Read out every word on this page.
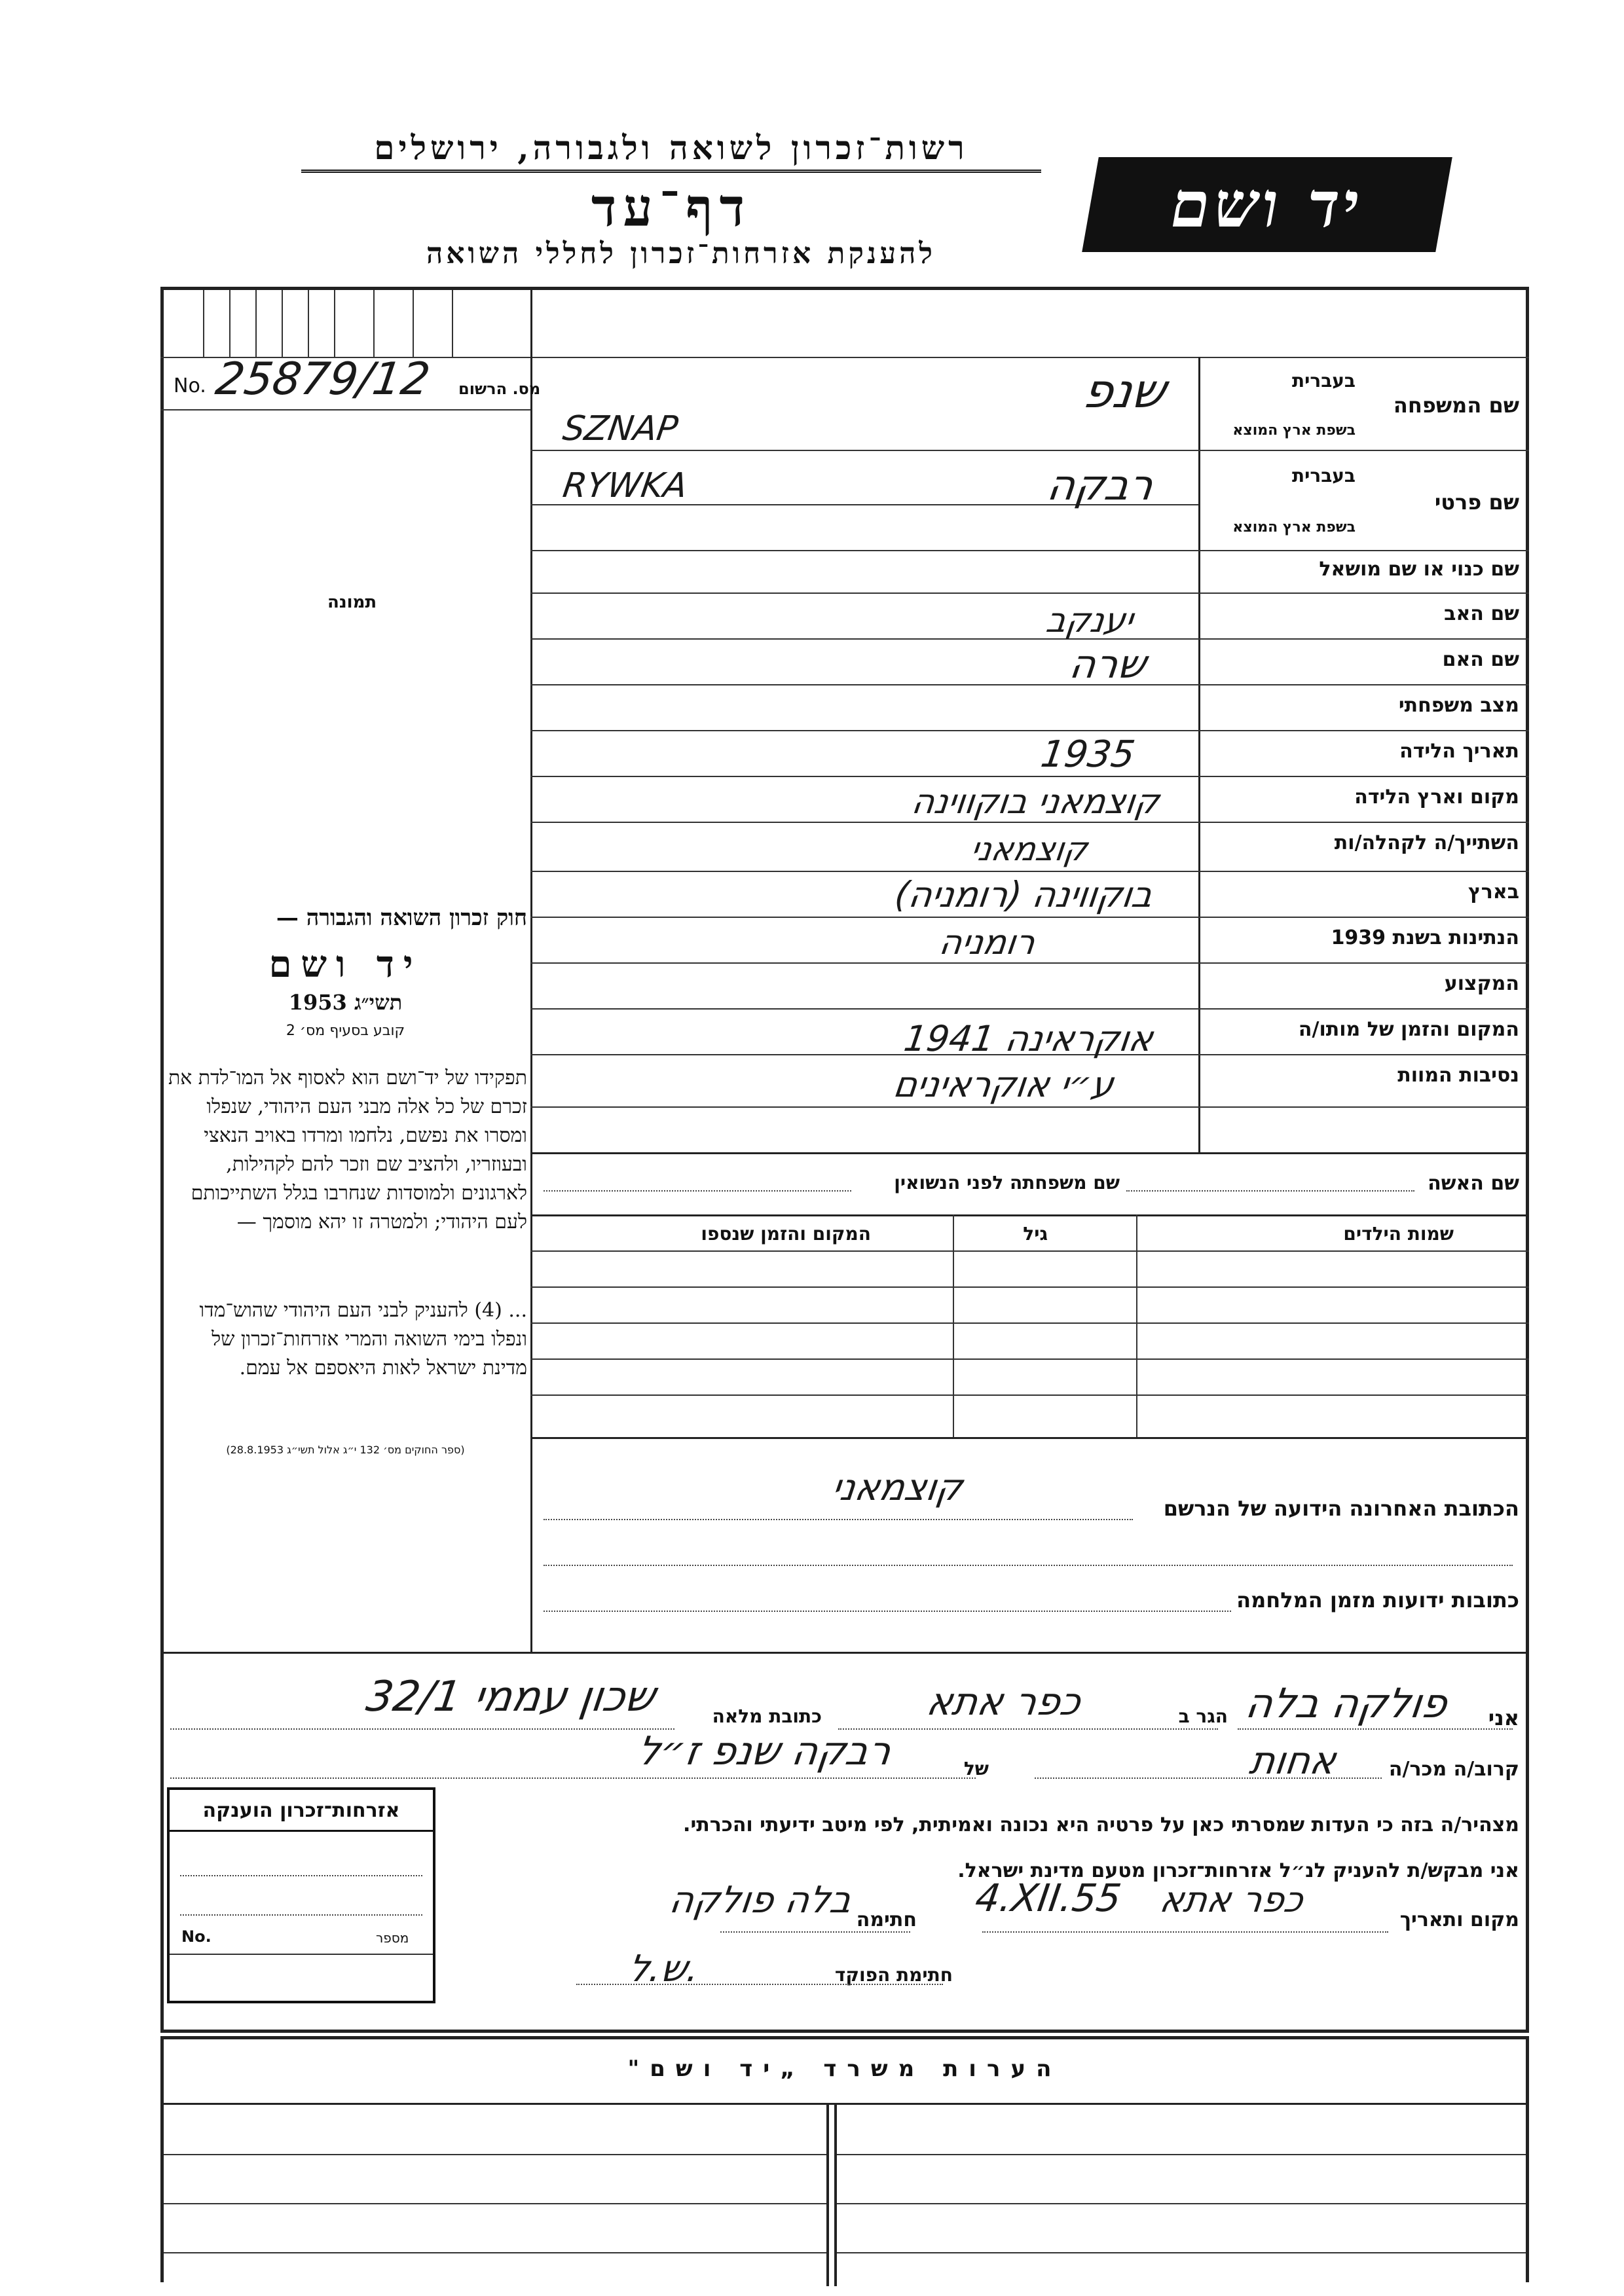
רשות־זכרון לשואה ולגבורה, ירושלים
דף־עד
להענקת אזרחות־זכרון לחללי השואה
יד ושם
No. 25879/12 מס. הרשום
תמונה
חוק זכרון השואה והגבורה —
יד ושם
תשי״ג 1953
קובע בסעיף מס׳ 2
תפקידו של יד־ושם הוא לאסוף אל המו־לדת את זכרם של כל אלה מבני העם היהודי, שנפלו ומסרו את נפשם, נלחמו ומרדו באויב הנאצי ובעוזריו, ולהציב שם וזכר להם לקהילות, לארגונים ולמוסדות שנחרבו בגלל השתייכותם לעם היהודי; ולמטרה זו יהא מוסמך —
... (4) להעניק לבני העם היהודי שהוש־מדו ונפלו בימי השואה והמרי אזרחות־זכרון של מדינת ישראל לאות היאספם אל עמם.
(ספר החוקים מס׳ 132 י״ג אלול תשי״ג 28.8.1953)
בעברית
בשפת ארץ המוצא
שם המשפחה
שנפ
SZNAP
בעברית
בשפת ארץ המוצא
שם פרטי
רבקה
RYWKA
שם כנוי או שם מושאל
שם האב
יענקב
שם האם
שרה
מצב משפחתי
תאריך הלידה
1935
מקום וארץ הלידה
קוצמאני בוקווינה
השתייך/ה לקהלה/ות
קוצמאני
בארץ
בוקווינה (רומניה)
הנתינות בשנת 1939
רומניה
המקצוע
המקום והזמן של מותו/ה
אוקראינה 1941
נסיבות המוות
ע״י אוקראינים
שם האשה
שם משפחתה לפני הנשואין
שמות הילדים
גיל
המקום והזמן שנספו
הכתובת האחרונה הידועה של הנרשם
קוצמאני
כתובות ידועות מזמן המלחמה
אני
פולקה בלה
הגר ב
כפר אתא
כתובת מלאה
שכון עממי 32/1
קרוב/ה מכר/ה
אחות
של
רבקה שנפ ז״ל
מצהיר/ה בזה כי העדות שמסרתי כאן על פרטיה היא נכונה ואמיתית, לפי מיטב ידיעתי והכרתי.
אני מבקש/ת להעניק לנ״ל אזרחות־זכרון מטעם מדינת ישראל.
מקום ותאריך
כפר אתא
4.XII.55
חתימה
בלה פולקה
חתימת הפוקד
ש.ל.
אזרחות־זכרון הוענקה
No.	מספר
הערות משרד „יד ושם"
